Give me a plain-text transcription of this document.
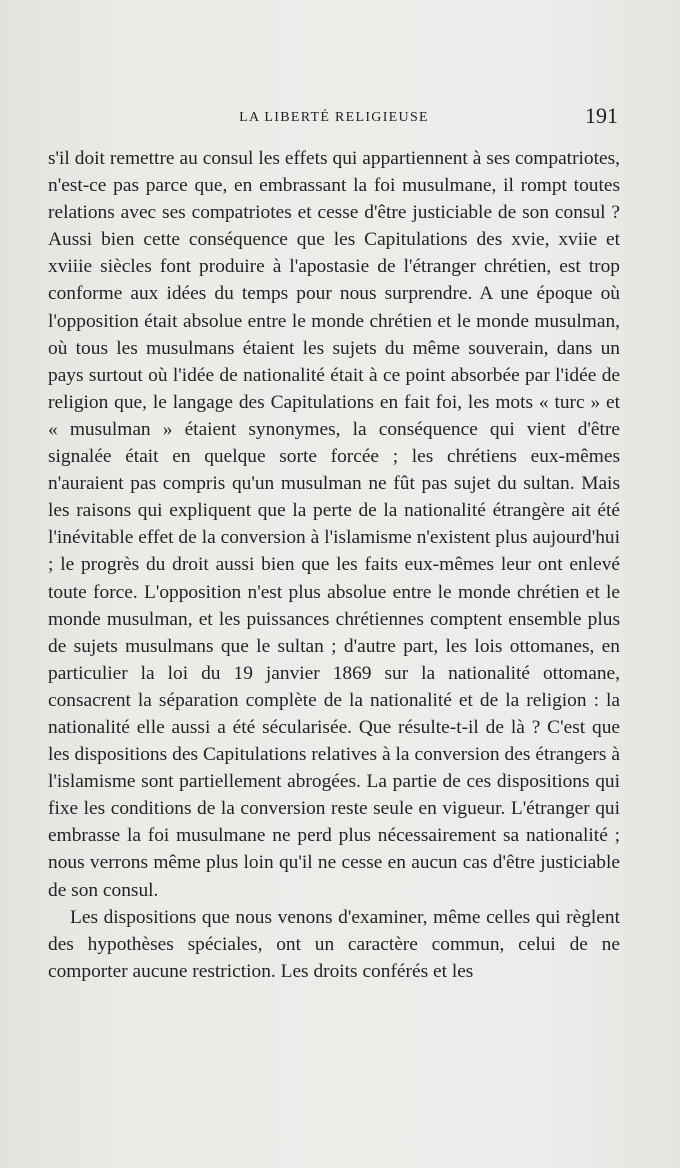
LA LIBERTÉ RELIGIEUSE	191

s'il doit remettre au consul les effets qui appartiennent à ses compatriotes, n'est-ce pas parce que, en embrassant la foi musulmane, il rompt toutes relations avec ses compatriotes et cesse d'être justiciable de son consul ? Aussi bien cette conséquence que les Capitulations des xvie, xviie et xviiie siècles font produire à l'apostasie de l'étranger chrétien, est trop conforme aux idées du temps pour nous surprendre. A une époque où l'opposition était absolue entre le monde chrétien et le monde musulman, où tous les musulmans étaient les sujets du même souverain, dans un pays surtout où l'idée de nationalité était à ce point absorbée par l'idée de religion que, le langage des Capitulations en fait foi, les mots « turc » et « musulman » étaient synonymes, la conséquence qui vient d'être signalée était en quelque sorte forcée ; les chrétiens eux-mêmes n'auraient pas compris qu'un musulman ne fût pas sujet du sultan. Mais les raisons qui expliquent que la perte de la nationalité étrangère ait été l'inévitable effet de la conversion à l'islamisme n'existent plus aujourd'hui ; le progrès du droit aussi bien que les faits eux-mêmes leur ont enlevé toute force. L'opposition n'est plus absolue entre le monde chrétien et le monde musulman, et les puissances chrétiennes comptent ensemble plus de sujets musulmans que le sultan ; d'autre part, les lois ottomanes, en particulier la loi du 19 janvier 1869 sur la nationalité ottomane, consacrent la séparation complète de la nationalité et de la religion : la nationalité elle aussi a été sécularisée. Que résulte-t-il de là ? C'est que les dispositions des Capitulations relatives à la conversion des étrangers à l'islamisme sont partiellement abrogées. La partie de ces dispositions qui fixe les conditions de la conversion reste seule en vigueur. L'étranger qui embrasse la foi musulmane ne perd plus nécessairement sa nationalité ; nous verrons même plus loin qu'il ne cesse en aucun cas d'être justiciable de son consul.

Les dispositions que nous venons d'examiner, même celles qui règlent des hypothèses spéciales, ont un caractère commun, celui de ne comporter aucune restriction. Les droits conférés et les
